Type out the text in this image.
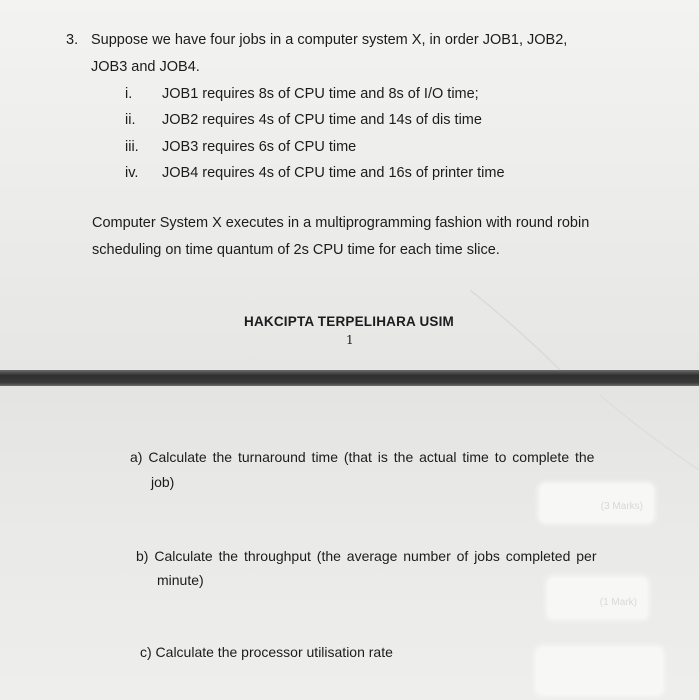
3. Suppose we have four jobs in a computer system X, in order JOB1, JOB2,
JOB3 and JOB4.
i. JOB1 requires 8s of CPU time and 8s of I/O time;
ii. JOB2 requires 4s of CPU time and 14s of dis time
iii. JOB3 requires 6s of CPU time
iv. JOB4 requires 4s of CPU time and 16s of printer time
Computer System X executes in a multiprogramming fashion with round robin
scheduling on time quantum of 2s CPU time for each time slice.
HAKCIPTA TERPELIHARA USIM
1
a) Calculate the turnaround time (that is the actual time to complete the
job)
(3 Marks)
b) Calculate the throughput (the average number of jobs completed per
minute)
(1 Mark)
c) Calculate the processor utilisation rate
